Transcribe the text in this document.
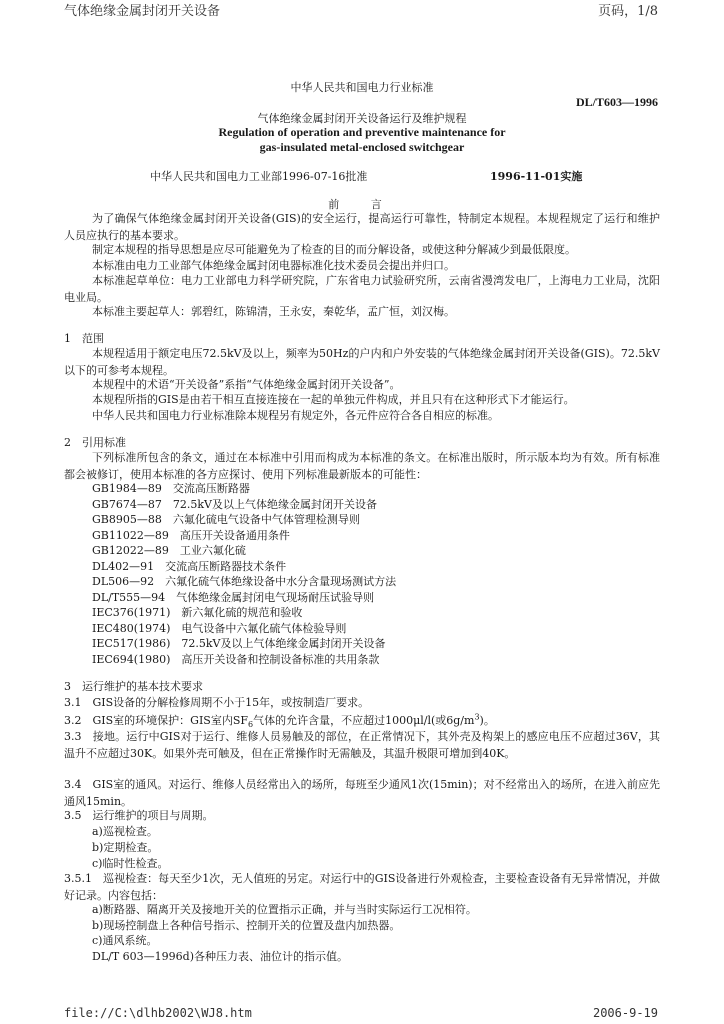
气体绝缘金属封闭开关设备	页码，1/8
中华人民共和国电力行业标准
DL/T603—1996
气体绝缘金属封闭开关设备运行及维护规程
Regulation of operation and preventive maintenance for
gas-insulated metal-enclosed switchgear
中华人民共和国电力工业部1996-07-16批准	1996-11-01实施
前 言
为了确保气体绝缘金属封闭开关设备(GIS)的安全运行，提高运行可靠性，特制定本规程。本规程规定了运行和维护人员应执行的基本要求。
制定本规程的指导思想是应尽可能避免为了检查的目的而分解设备，或使这种分解减少到最低限度。
本标准由电力工业部气体绝缘金属封闭电器标准化技术委员会提出并归口。
本标准起草单位：电力工业部电力科学研究院，广东省电力试验研究所，云南省漫湾发电厂，上海电力工业局，沈阳电业局。
本标准主要起草人：郭碧红，陈锦清，王永安，秦乾华，孟广恒，刘汉梅。
1　范围
本规程适用于额定电压72.5kV及以上，频率为50Hz的户内和户外安装的气体绝缘金属封闭开关设备(GIS)。72.5kV以下的可参考本规程。
本规程中的术语“开关设备”系指“气体绝缘金属封闭开关设备”。
本规程所指的GIS是由若干相互直接连接在一起的单独元件构成，并且只有在这种形式下才能运行。
中华人民共和国电力行业标准除本规程另有规定外，各元件应符合各自相应的标准。
2　引用标准
下列标准所包含的条文，通过在本标准中引用而构成为本标准的条文。在标准出版时，所示版本均为有效。所有标准都会被修订，使用本标准的各方应探讨、使用下列标准最新版本的可能性：
GB1984—89　交流高压断路器
GB7674—87　72.5kV及以上气体绝缘金属封闭开关设备
GB8905—88　六氟化硫电气设备中气体管理检测导则
GB11022—89　高压开关设备通用条件
GB12022—89　工业六氟化硫
DL402—91　交流高压断路器技术条件
DL506—92　六氟化硫气体绝缘设备中水分含量现场测试方法
DL/T555—94　气体绝缘金属封闭电气现场耐压试验导则
IEC376(1971)　新六氟化硫的规范和验收
IEC480(1974)　电气设备中六氟化硫气体检验导则
IEC517(1986)　72.5kV及以上气体绝缘金属封闭开关设备
IEC694(1980)　高压开关设备和控制设备标准的共用条款
3　运行维护的基本技术要求
3.1　GIS设备的分解检修周期不小于15年，或按制造厂要求。
3.2　GIS室的环境保护：GIS室内$SF_6$气体的允许含量，不应超过1000μl/l(或$6g/m^3$)。
3.3　接地。运行中GIS对于运行、维修人员易触及的部位，在正常情况下，其外壳及构架上的感应电压不应超过36V，其温升不应超过30K。如果外壳可触及，但在正常操作时无需触及，其温升极限可增加到40K。
3.4　GIS室的通风。对运行、维修人员经常出入的场所，每班至少通风1次(15min)；对不经常出入的场所，在进入前应先通风15min。
3.5　运行维护的项目与周期。
a)巡视检查。
b)定期检查。
c)临时性检查。
3.5.1　巡视检查：每天至少1次，无人值班的另定。对运行中的GIS设备进行外观检查，主要检查设备有无异常情况，并做好记录。内容包括：
a)断路器、隔离开关及接地开关的位置指示正确，并与当时实际运行工况相符。
b)现场控制盘上各种信号指示、控制开关的位置及盘内加热器。
c)通风系统。
DL/T 603—1996d)各种压力表、油位计的指示值。
file://C:\dlhb2002\WJ8.htm	2006-9-19
